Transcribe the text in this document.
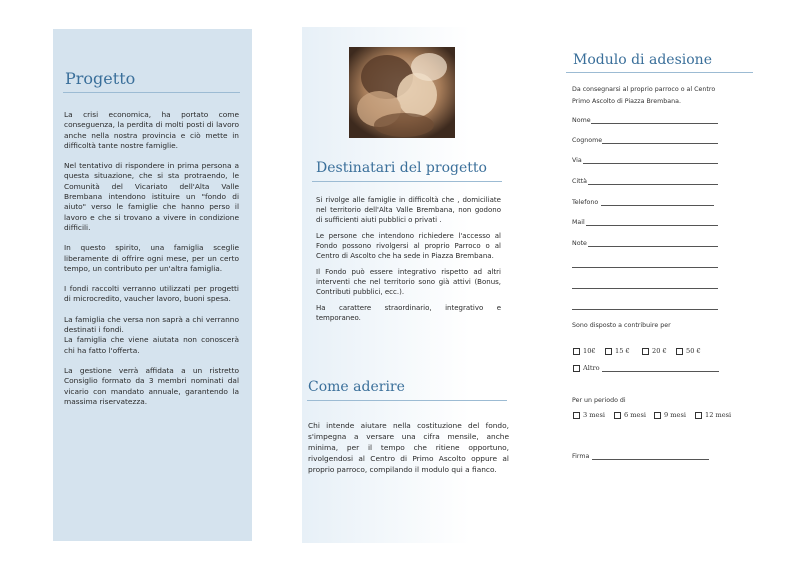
Progetto

La crisi economica, ha portato come conseguenza, la perdita di molti posti di lavoro anche nella nostra provincia e ciò mette in difficoltà tante nostre famiglie.

Nel tentativo di rispondere in prima persona a questa situazione, che si sta protraendo, le Comunità del Vicariato dell'Alta Valle Brembana intendono istituire un "fondo di aiuto" verso le famiglie che hanno perso il lavoro e che si trovano a vivere in condizione difficili.

In questo spirito, una famiglia sceglie liberamente di offrire ogni mese, per un certo tempo, un contributo per un'altra famiglia.

I fondi raccolti verranno utilizzati per progetti di microcredito, vaucher lavoro, buoni spesa.

La famiglia che versa non saprà a chi verranno destinati i fondi.
La famiglia che viene aiutata non conoscerà chi ha fatto l'offerta.

La gestione verrà affidata a un ristretto Consiglio formato da 3 membri nominati dal vicario con mandato annuale, garantendo la massima riservatezza.

Destinatari del progetto

Si rivolge alle famiglie in difficoltà che , domiciliate nel territorio dell'Alta Valle Brembana, non godono di sufficienti aiuti pubblici o privati .

Le persone che intendono richiedere l'accesso al Fondo possono rivolgersi al proprio Parroco o al Centro di Ascolto che ha sede in Piazza Brembana.

Il Fondo può essere integrativo rispetto ad altri interventi che nel territorio sono già attivi (Bonus, Contributi pubblici, ecc.).

Ha carattere straordinario, integrativo e temporaneo.

Come aderire
Chi intende aiutare nella costituzione del fondo, s'impegna a versare una cifra mensile, anche minima, per il tempo che ritiene opportuno, rivolgendosi al Centro di Primo Ascolto oppure al proprio parroco, compilando il modulo qui a fianco.
Modulo di adesione
Da consegnarsi al proprio parroco o al Centro Primo Ascolto di Piazza Brembana.
Nome
Cognome
Via
Città
Telefono
Mail
Note
Sono disposto a contribuire per
10€	15 €	20 €	50 €
Altro
Per un periodo di
3 mesi	6 mesi	9 mesi	12 mesi
Firma
